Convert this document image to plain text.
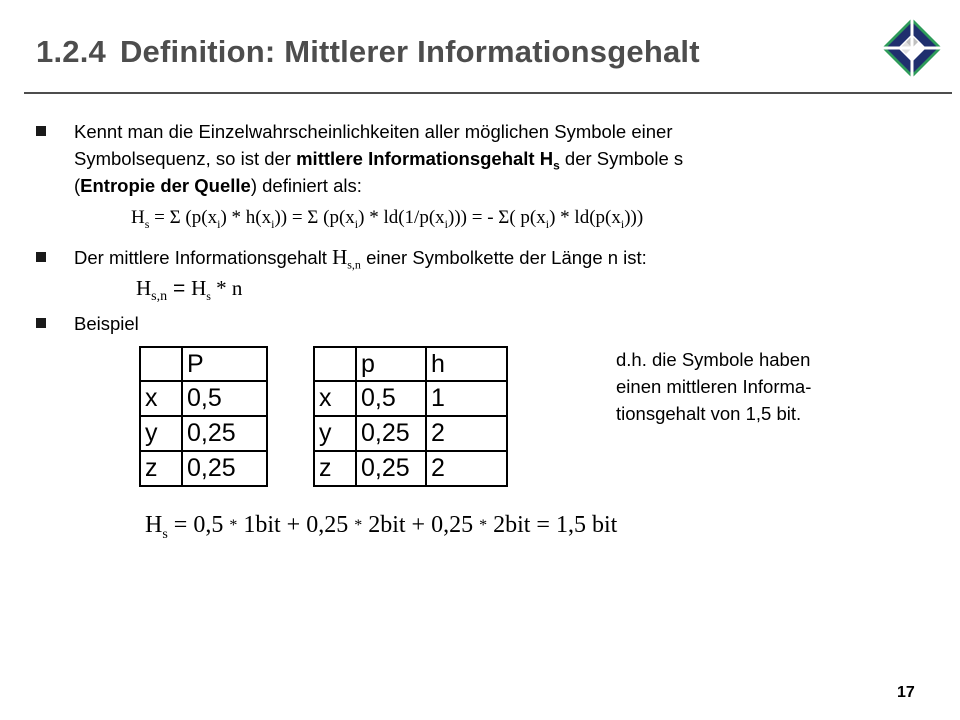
1.2.4 Definition: Mittlerer Informationsgehalt
Kennt man die Einzelwahrscheinlichkeiten aller möglichen Symbole einer
Symbolsequenz, so ist der mittlere Informationsgehalt $H_s$ der Symbole s
(Entropie der Quelle) definiert als:
$H_s = \Sigma$ $(p(x_i) * h(x_i)) = \Sigma$ $(p(x_i) * ld(1/p(x_i)))$ = - Σ( $p(x_i) * ld(p(x_i))$)
Der mittlere Informationsgehalt $H_{s,n}$ einer Symbolkette der Länge n ist:
$H_{s,n} = H_s * n$
Beispiel
	P
x	0,5
y	0,25
z	0,25
	p	h
x	0,5	1
y	0,25	2
z	0,25	2
d.h. die Symbole haben
einen mittleren Informa-
tionsgehalt von 1,5 bit.
$H_s = 0,5 * 1bit + 0,25 * 2bit + 0,25 * 2bit = 1,5$ bit
17
